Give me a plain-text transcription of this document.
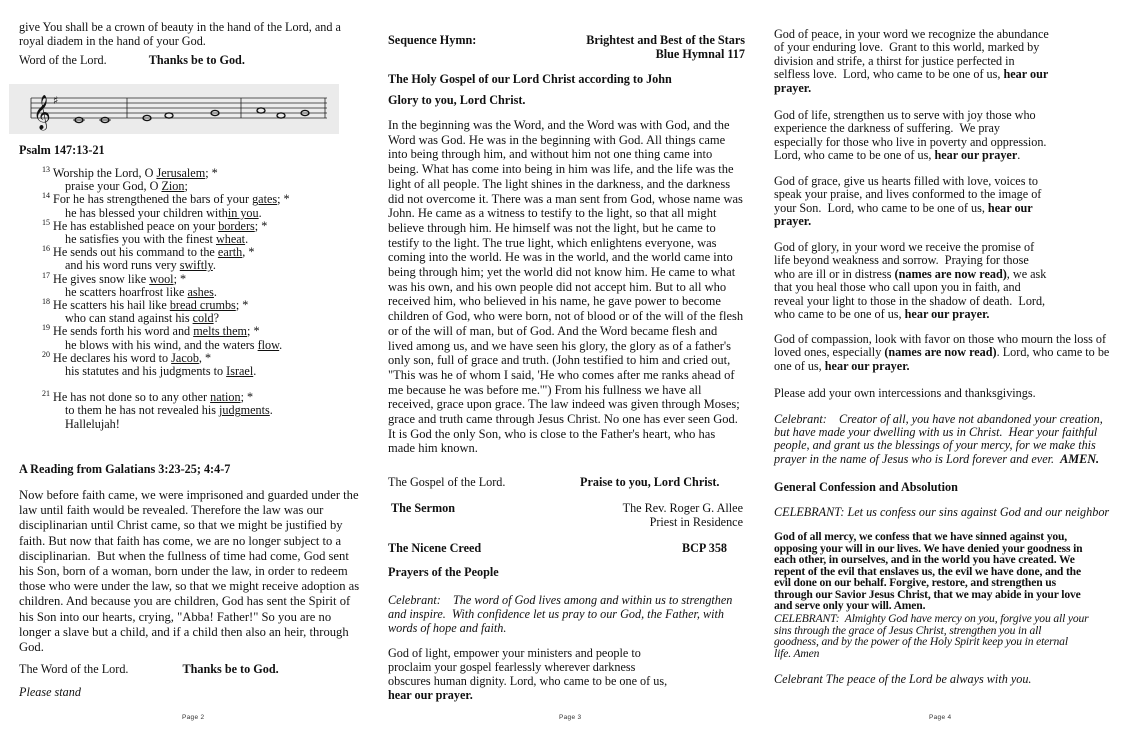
give You shall be a crown of beauty in the hand of the Lord, and a royal diadem in the hand of your God.

Word of the Lord.	Thanks be to God.
𝄞 ♯

Psalm 147:13-21

$^{13}$ Worship the Lord, O Jerusalem; *
praise your God, O Zion;
$^{14}$ For he has strengthened the bars of your gates; *
he has blessed your children within you.
$^{15}$ He has established peace on your borders; *
he satisfies you with the finest wheat.
$^{16}$ He sends out his command to the earth, *
and his word runs very swiftly.
$^{17}$ He gives snow like wool; *
he scatters hoarfrost like ashes.
$^{18}$ He scatters his hail like bread crumbs; *
who can stand against his cold?
$^{19}$ He sends forth his word and melts them; *
he blows with his wind, and the waters flow.
$^{20}$ He declares his word to Jacob, *
his statutes and his judgments to Israel.
$^{21}$ He has not done so to any other nation; *
to them he has not revealed his judgments.
Hallelujah!

A Reading from Galatians 3:23-25; 4:4-7

Now before faith came, we were imprisoned and guarded under the
law until faith would be revealed. Therefore the law was our
disciplinarian until Christ came, so that we might be justified by
faith. But now that faith has come, we are no longer subject to a
disciplinarian.  But when the fullness of time had come, God sent
his Son, born of a woman, born under the law, in order to redeem
those who were under the law, so that we might receive adoption as
children. And because you are children, God has sent the Spirit of
his Son into our hearts, crying, "Abba! Father!" So you are no
longer a slave but a child, and if a child then also an heir, through
God.
The Word of the Lord.	Thanks be to God.

Please stand

Page 2
Sequence Hymn:	Brightest and Best of the Stars
Blue Hymnal 117

The Holy Gospel of our Lord Christ according to John

Glory to you, Lord Christ.

In the beginning was the Word, and the Word was with God, and the
Word was God. He was in the beginning with God. All things came
into being through him, and without him not one thing came into
being. What has come into being in him was life, and the life was the
light of all people. The light shines in the darkness, and the darkness
did not overcome it. There was a man sent from God, whose name was
John. He came as a witness to testify to the light, so that all might
believe through him. He himself was not the light, but he came to
testify to the light. The true light, which enlightens everyone, was
coming into the world. He was in the world, and the world came into
being through him; yet the world did not know him. He came to what
was his own, and his own people did not accept him. But to all who
received him, who believed in his name, he gave power to become
children of God, who were born, not of blood or of the will of the flesh
or of the will of man, but of God. And the Word became flesh and
lived among us, and we have seen his glory, the glory as of a father's
only son, full of grace and truth. (John testified to him and cried out,
"This was he of whom I said, 'He who comes after me ranks ahead of
me because he was before me.'") From his fullness we have all
received, grace upon grace. The law indeed was given through Moses;
grace and truth came through Jesus Christ. No one has ever seen God.
It is God the only Son, who is close to the Father's heart, who has
made him known.
The Gospel of the Lord.	Praise to you, Lord Christ.
The Sermon	The Rev. Roger G. Allee
Priest in Residence
The Nicene Creed	BCP 358

Prayers of the People

Celebrant:    The word of God lives among and within us to strengthen
and inspire.  With confidence let us pray to our God, the Father, with
words of hope and faith.
God of light, empower your ministers and people to
proclaim your gospel fearlessly wherever darkness
obscures human dignity. Lord, who came to be one of us,
hear our prayer.
Page 3
God of peace, in your word we recognize the abundance
of your enduring love.  Grant to this world, marked by
division and strife, a thirst for justice perfected in
selfless love.  Lord, who came to be one of us, hear our
prayer.
God of life, strengthen us to serve with joy those who
experience the darkness of suffering.  We pray
especially for those who live in poverty and oppression.
Lord, who came to be one of us, hear our prayer.
God of grace, give us hearts filled with love, voices to
speak your praise, and lives conformed to the image of
your Son.  Lord, who came to be one of us, hear our
prayer.
God of glory, in your word we receive the promise of
life beyond weakness and sorrow.  Praying for those
who are ill or in distress (names are now read), we ask
that you heal those who call upon you in faith, and
reveal your light to those in the shadow of death.  Lord,
who came to be one of us, hear our prayer.
God of compassion, look with favor on those who mourn the loss of
loved ones, especially (names are now read). Lord, who came to be
one of us, hear our prayer.

Please add your own intercessions and thanksgivings.

Celebrant:    Creator of all, you have not abandoned your creation,
but have made your dwelling with us in Christ.  Hear your faithful
people, and grant us the blessings of your mercy, for we make this
prayer in the name of Jesus who is Lord forever and ever.  AMEN.

General Confession and Absolution

CELEBRANT: Let us confess our sins against God and our neighbor

God of all mercy, we confess that we have sinned against you,
opposing your will in our lives. We have denied your goodness in
each other, in ourselves, and in the world you have created. We
repent of the evil that enslaves us, the evil we have done, and the
evil done on our behalf. Forgive, restore, and strengthen us
through our Savior Jesus Christ, that we may abide in your love
and serve only your will. Amen.
CELEBRANT:  Almighty God have mercy on you, forgive you all your
sins through the grace of Jesus Christ, strengthen you in all
goodness, and by the power of the Holy Spirit keep you in eternal
life. Amen

Celebrant The peace of the Lord be always with you.

Page 4
